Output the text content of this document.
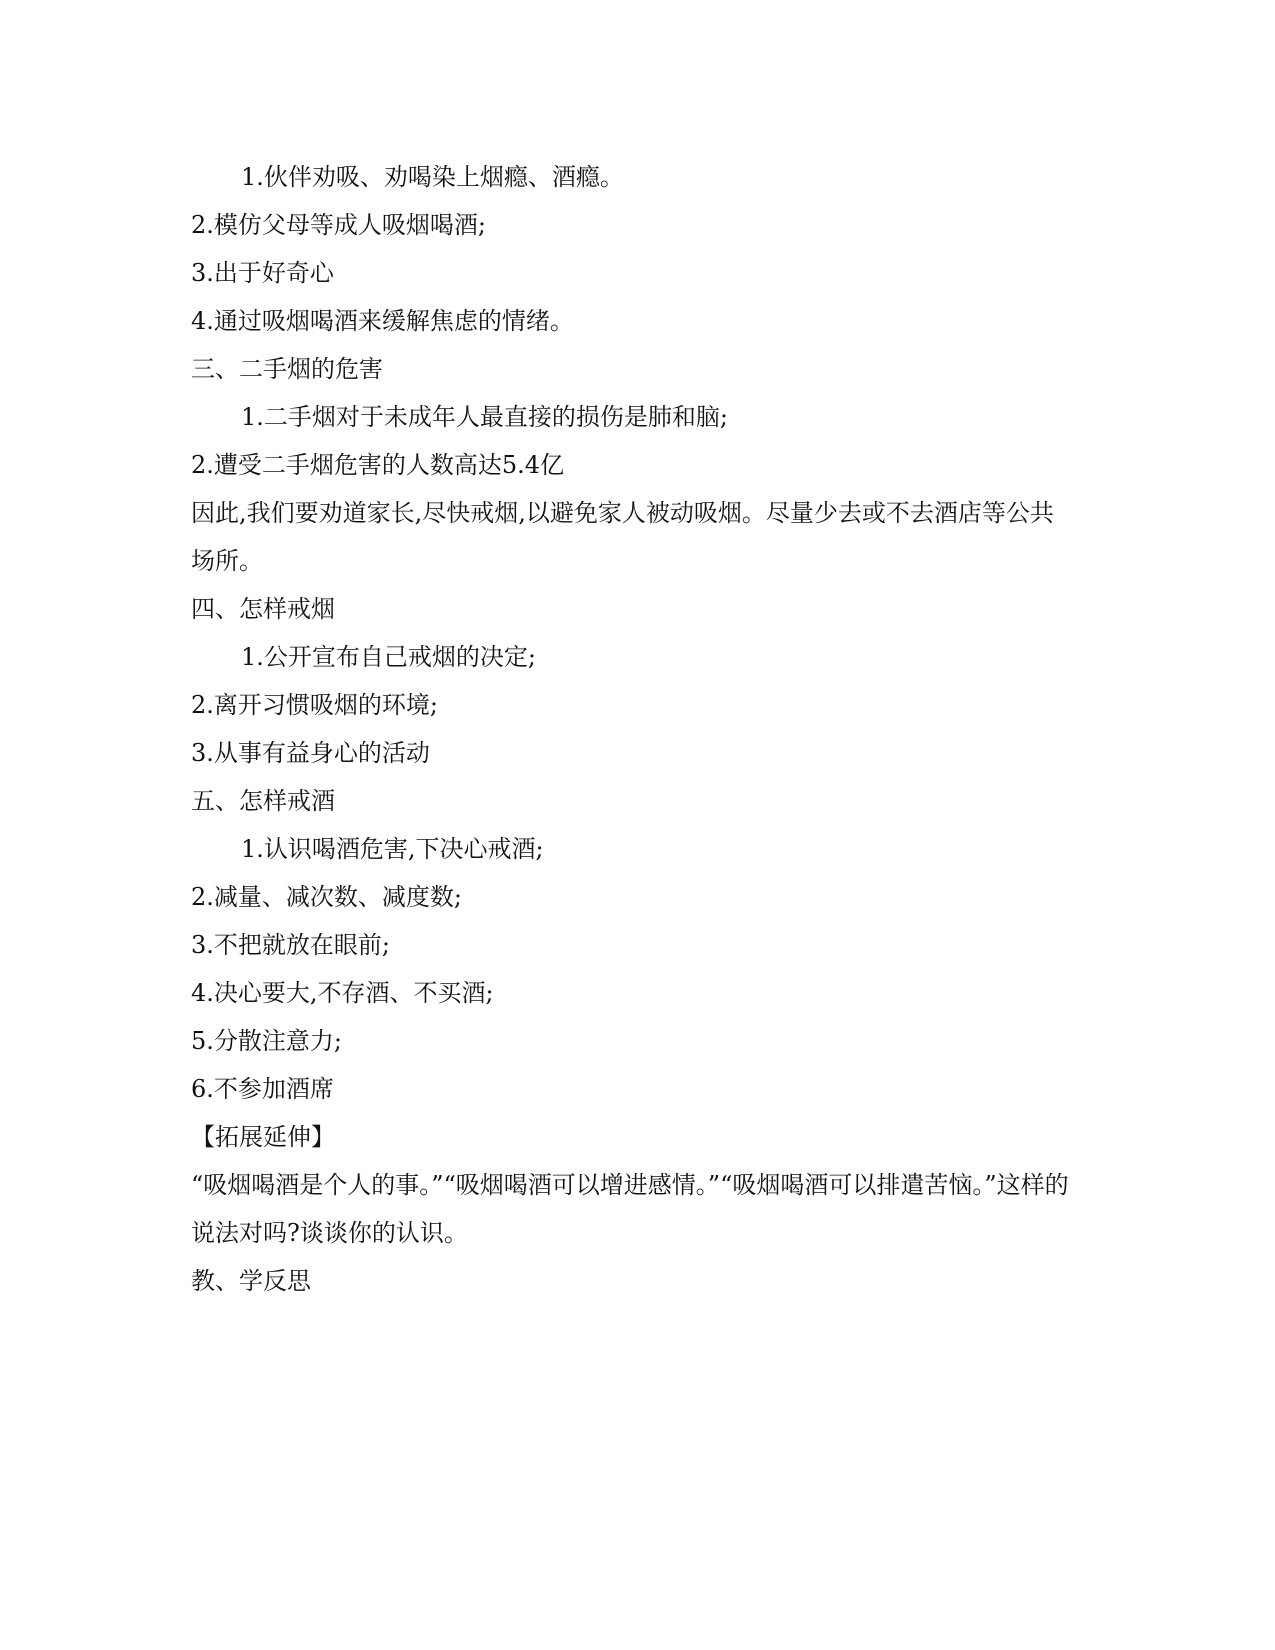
1.伙伴劝吸、劝喝染上烟瘾、酒瘾。

2.模仿父母等成人吸烟喝酒;

3.出于好奇心

4.通过吸烟喝酒来缓解焦虑的情绪。

三、二手烟的危害

1.二手烟对于未成年人最直接的损伤是肺和脑;

2.遭受二手烟危害的人数高达5.4亿

因此,我们要劝道家长,尽快戒烟,以避免家人被动吸烟。尽量少去或不去酒店等公共场所。

四、怎样戒烟

1.公开宣布自己戒烟的决定;

2.离开习惯吸烟的环境;

3.从事有益身心的活动

五、怎样戒酒

1.认识喝酒危害,下决心戒酒;

2.减量、减次数、减度数;

3.不把就放在眼前;

4.决心要大,不存酒、不买酒;

5.分散注意力;

6.不参加酒席

【拓展延伸】

“吸烟喝酒是个人的事。”“吸烟喝酒可以增进感情。”“吸烟喝酒可以排遣苦恼。”这样的说法对吗?谈谈你的认识。

教、学反思
